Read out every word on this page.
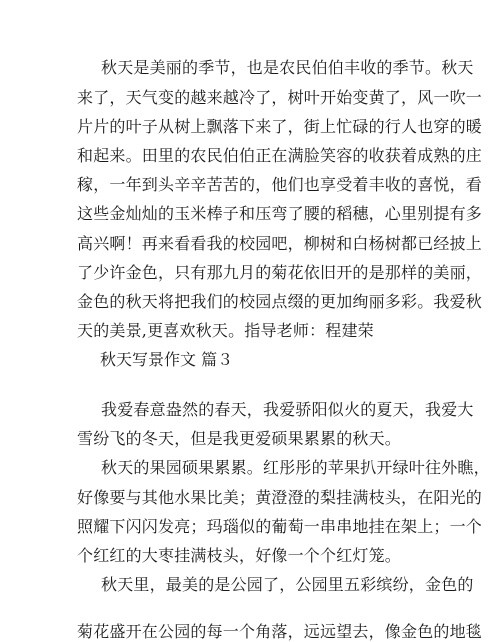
秋天是美丽的季节，也是农民伯伯丰收的季节。秋天
来了，天气变的越来越冷了，树叶开始变黄了，风一吹一
片片的叶子从树上飘落下来了，街上忙碌的行人也穿的暖
和起来。田里的农民伯伯正在满脸笑容的收获着成熟的庄
稼，一年到头辛辛苦苦的，他们也享受着丰收的喜悦，看
这些金灿灿的玉米棒子和压弯了腰的稻穗，心里别提有多
高兴啊！再来看看我的校园吧，柳树和白杨树都已经披上
了少许金色，只有那九月的菊花依旧开的是那样的美丽，
金色的秋天将把我们的校园点缀的更加绚丽多彩。我爱秋
天的美景,更喜欢秋天。指导老师：程建荣
秋天写景作文 篇３
我爱春意盎然的春天，我爱骄阳似火的夏天，我爱大
雪纷飞的冬天，但是我更爱硕果累累的秋天。
秋天的果园硕果累累。红彤彤的苹果扒开绿叶往外瞧，
好像要与其他水果比美；黄澄澄的梨挂满枝头，在阳光的
照耀下闪闪发亮；玛瑙似的葡萄一串串地挂在架上；一个
个红红的大枣挂满枝头，好像一个个红灯笼。
秋天里，最美的是公园了，公园里五彩缤纷，金色的
菊花盛开在公园的每一个角落，远远望去，像金色的地毯
